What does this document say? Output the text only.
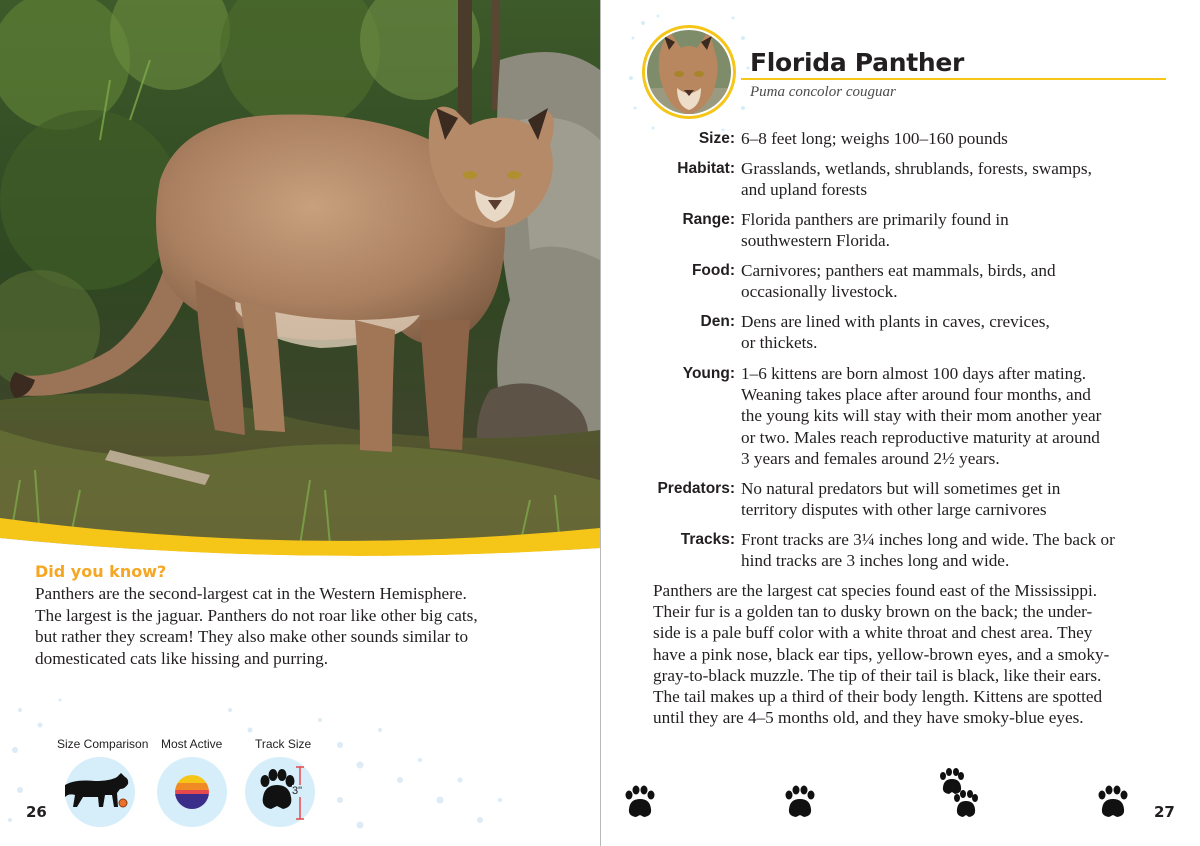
Did you know?
Panthers are the second-largest cat in the Western Hemisphere.
The largest is the jaguar. Panthers do not roar like other big cats,
but rather they scream! They also make other sounds similar to
domesticated cats like hissing and purring.
Size Comparison Most Active	Track Size
3"
26
Florida Panther
Puma concolor couguar
Size: 6–8 feet long; weighs 100–160 pounds
Habitat: Grasslands, wetlands, shrublands, forests, swamps,
and upland forests
Range: Florida panthers are primarily found in
southwestern Florida.
Food: Carnivores; panthers eat mammals, birds, and
occasionally livestock.
Den: Dens are lined with plants in caves, crevices,
or thickets.
Young: 1–6 kittens are born almost 100 days after mating.
Weaning takes place after around four months, and
the young kits will stay with their mom another year
or two. Males reach reproductive maturity at around
3 years and females around 2½ years.
Predators: No natural predators but will sometimes get in
territory disputes with other large carnivores
Tracks: Front tracks are 3¼ inches long and wide. The back or
hind tracks are 3 inches long and wide.
Panthers are the largest cat species found east of the Mississippi.
Their fur is a golden tan to dusky brown on the back; the under-
side is a pale buff color with a white throat and chest area. They
have a pink nose, black ear tips, yellow-brown eyes, and a smoky-
gray-to-black muzzle. The tip of their tail is black, like their ears.
The tail makes up a third of their body length. Kittens are spotted
until they are 4–5 months old, and they have smoky-blue eyes.
27
